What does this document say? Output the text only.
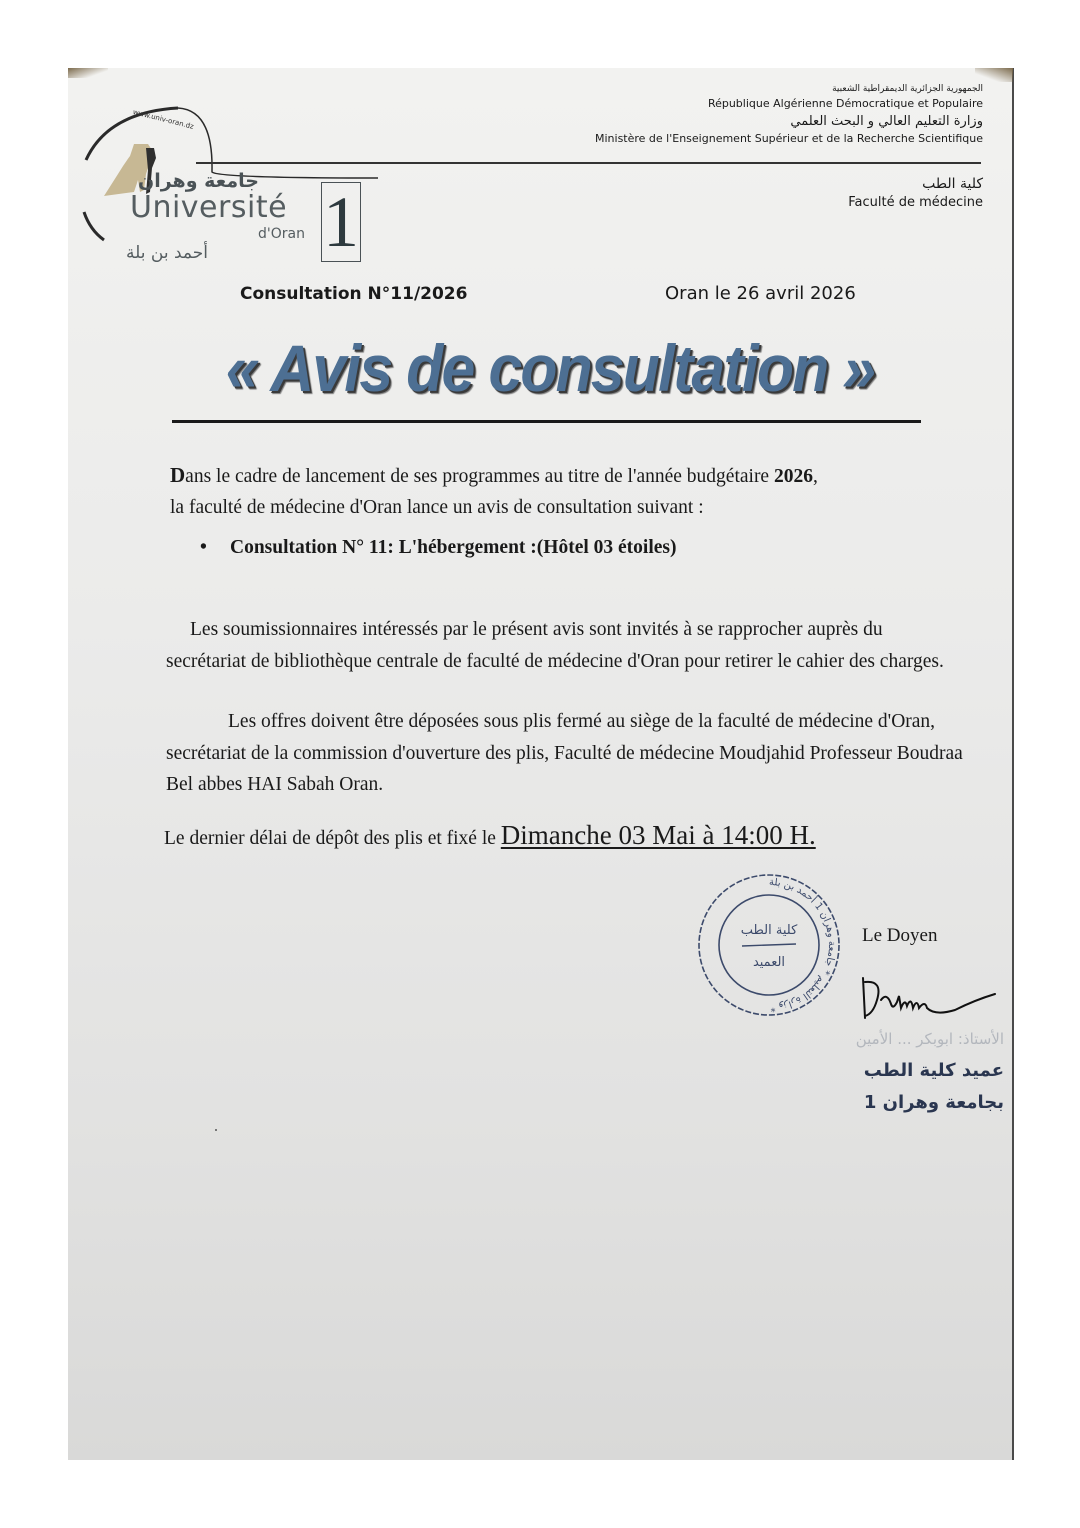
www.univ-oran.dz
جامعة وهران
Université
d'Oran
أحمد بن بلة 1
الجمهورية الجزائرية الديمقراطية الشعبية
République Algérienne Démocratique et Populaire
وزارة التعليم العالي و البحث العلمي
Ministère de l'Enseignement Supérieur et de la Recherche Scientifique
كلية الطب
Faculté de médecine
Consultation N°11/2026	Oran le 26 avril 2026
« Avis de consultation »
Dans le cadre de lancement de ses programmes au titre de l'année budgétaire 2026,
la faculté de médecine d'Oran lance un avis de consultation suivant :
• Consultation N° 11: L'hébergement :(Hôtel 03 étoiles)
Les soumissionnaires intéressés par le présent avis sont invités à se rapprocher auprès du secrétariat de bibliothèque centrale de faculté de médecine d'Oran pour retirer le cahier des charges.
Les offres doivent être déposées sous plis fermé au siège de la faculté de médecine d'Oran, secrétariat de la commission d'ouverture des plis, Faculté de médecine Moudjahid Professeur Boudraa Bel abbes HAI Sabah Oran.
Le dernier délai de dépôt des plis et fixé le Dimanche 03 Mai à 14:00 H.
كلية الطب
العميد
وزارة التعليم * جامعة وهران 1 أحمد بن بلة *
Le Doyen
الأستاذ: ابوبكر ... الأمين
عميد كلية الطب
بجامعة وهران 1
